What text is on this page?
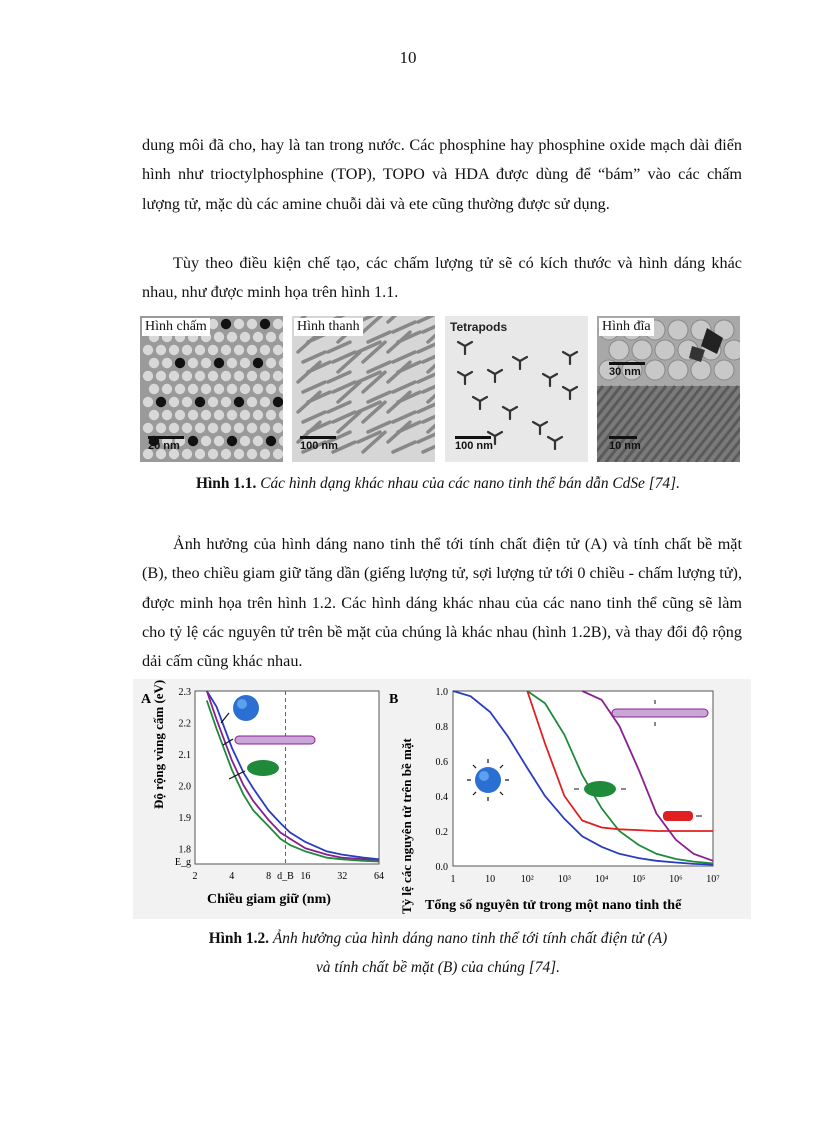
10

dung môi đã cho, hay là tan trong nước. Các phosphine hay phosphine oxide mạch dài điển hình như trioctylphosphine (TOP), TOPO và HDA được dùng để “bám” vào các chấm lượng tử, mặc dù các amine chuỗi dài và ete cũng thường được sử dụng.

Tùy theo điều kiện chế tạo, các chấm lượng tử sẽ có kích thước và hình dáng khác nhau, như được minh họa trên hình 1.1.

Hình chấm
20 nm
Hình thanh
100 nm
Tetrapods
100 nm
Hình đĩa
30 nm
10 nm
Hình 1.1. Các hình dạng khác nhau của các nano tinh thể bán dẫn CdSe [74].

Ảnh hưởng của hình dáng nano tinh thể tới tính chất điện tử (A) và tính chất bề mặt (B), theo chiều giam giữ tăng dần (giếng lượng tử, sợi lượng tử tới 0 chiều - chấm lượng tử), được minh họa trên hình 1.2. Các hình dáng khác nhau của các nano tinh thể cũng sẽ làm cho tỷ lệ các nguyên tử trên bề mặt của chúng là khác nhau (hình 1.2B), và thay đổi độ rộng dải cấm cũng khác nhau.

A
2	4	8 d_B 16	32	64
E_g
1.8
1.9
2.0
2.1
2.2
2.3
Độ rộng vùng cấm (eV)
Chiều giam giữ (nm)
B
1	10	10² 10³ 10⁴ 10⁵ 10⁶ 10⁷
0.0
0.2
0.4
0.6
0.8
1.0
Tỷ lệ các nguyên tử trên bề mặt Tổng số nguyên tử trong một nano tinh thể
Hình 1.2. Ảnh hưởng của hình dáng nano tinh thể tới tính chất điện tử (A)
và tính chất bề mặt (B) của chúng [74].
